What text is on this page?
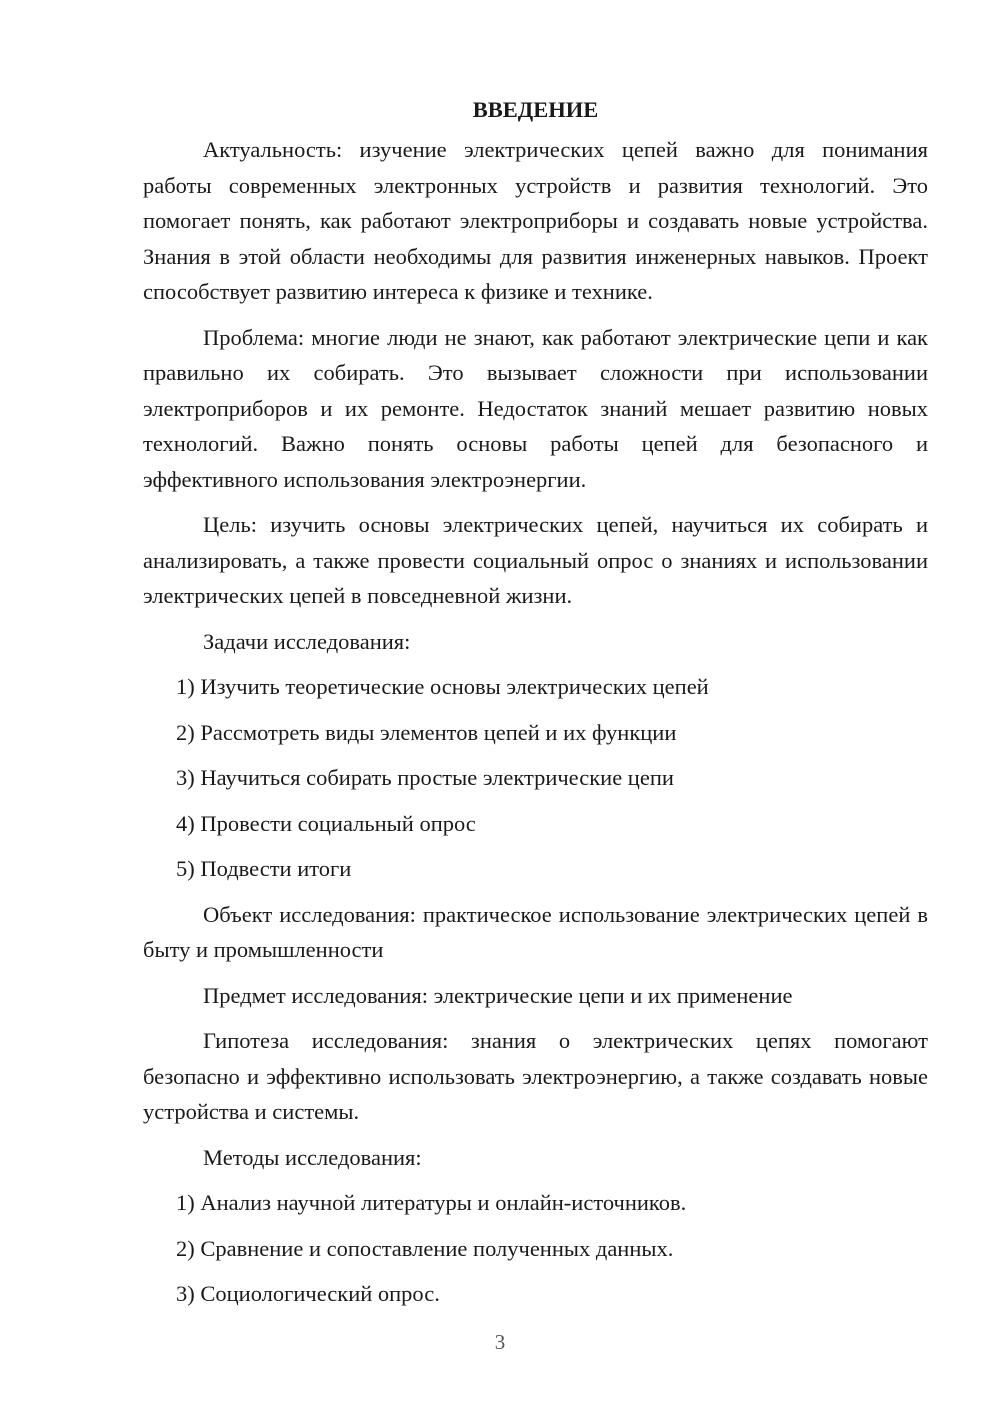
ВВЕДЕНИЕ

Актуальность: изучение электрических цепей важно для понимания работы современных электронных устройств и развития технологий. Это помогает понять, как работают электроприборы и создавать новые устройства. Знания в этой области необходимы для развития инженерных навыков. Проект способствует развитию интереса к физике и технике.

Проблема: многие люди не знают, как работают электрические цепи и как правильно их собирать. Это вызывает сложности при использовании электроприборов и их ремонте. Недостаток знаний мешает развитию новых технологий. Важно понять основы работы цепей для безопасного и эффективного использования электроэнергии.

Цель: изучить основы электрических цепей, научиться их собирать и анализировать, а также провести социальный опрос о знаниях и использовании электрических цепей в повседневной жизни.

Задачи исследования:

1) Изучить теоретические основы электрических цепей
2) Рассмотреть виды элементов цепей и их функции
3) Научиться собирать простые электрические цепи
4) Провести социальный опрос
5) Подвести итоги

Объект исследования: практическое использование электрических цепей в быту и промышленности

Предмет исследования: электрические цепи и их применение

Гипотеза исследования: знания о электрических цепях помогают безопасно и эффективно использовать электроэнергию, а также создавать новые устройства и системы.

Методы исследования:

1) Анализ научной литературы и онлайн-источников.
2) Сравнение и сопоставление полученных данных.
3) Социологический опрос.
3
